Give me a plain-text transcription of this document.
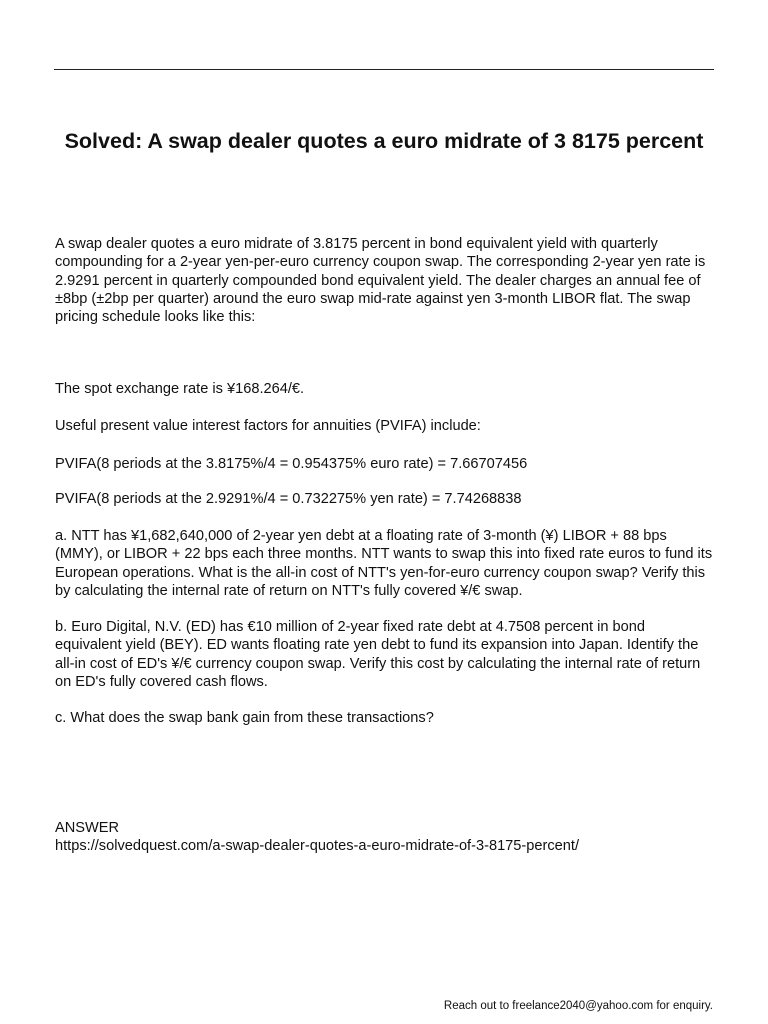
Solved: A swap dealer quotes a euro midrate of 3 8175 percent

A swap dealer quotes a euro midrate of 3.8175 percent in bond equivalent yield with quarterly compounding for a 2-year yen-per-euro currency coupon swap. The corresponding 2-year yen rate is 2.9291 percent in quarterly compounded bond equivalent yield. The dealer charges an annual fee of ±8bp (±2bp per quarter) around the euro swap mid-rate against yen 3-month LIBOR flat. The swap pricing schedule looks like this:

The spot exchange rate is ¥168.264/€.

Useful present value interest factors for annuities (PVIFA) include:

PVIFA(8 periods at the 3.8175%/4 = 0.954375% euro rate) = 7.66707456

PVIFA(8 periods at the 2.9291%/4 = 0.732275% yen rate) = 7.74268838

a. NTT has ¥1,682,640,000 of 2-year yen debt at a floating rate of 3-month (¥) LIBOR + 88 bps (MMY), or LIBOR + 22 bps each three months. NTT wants to swap this into fixed rate euros to fund its European operations. What is the all-in cost of NTT's yen-for-euro currency coupon swap? Verify this by calculating the internal rate of return on NTT's fully covered ¥/€ swap.

b. Euro Digital, N.V. (ED) has €10 million of 2-year fixed rate debt at 4.7508 percent in bond equivalent yield (BEY). ED wants floating rate yen debt to fund its expansion into Japan. Identify the all-in cost of ED's ¥/€ currency coupon swap. Verify this cost by calculating the internal rate of return on ED's fully covered cash flows.

c. What does the swap bank gain from these transactions?

ANSWER

https://solvedquest.com/a-swap-dealer-quotes-a-euro-midrate-of-3-8175-percent/

Reach out to freelance2040@yahoo.com for enquiry.
